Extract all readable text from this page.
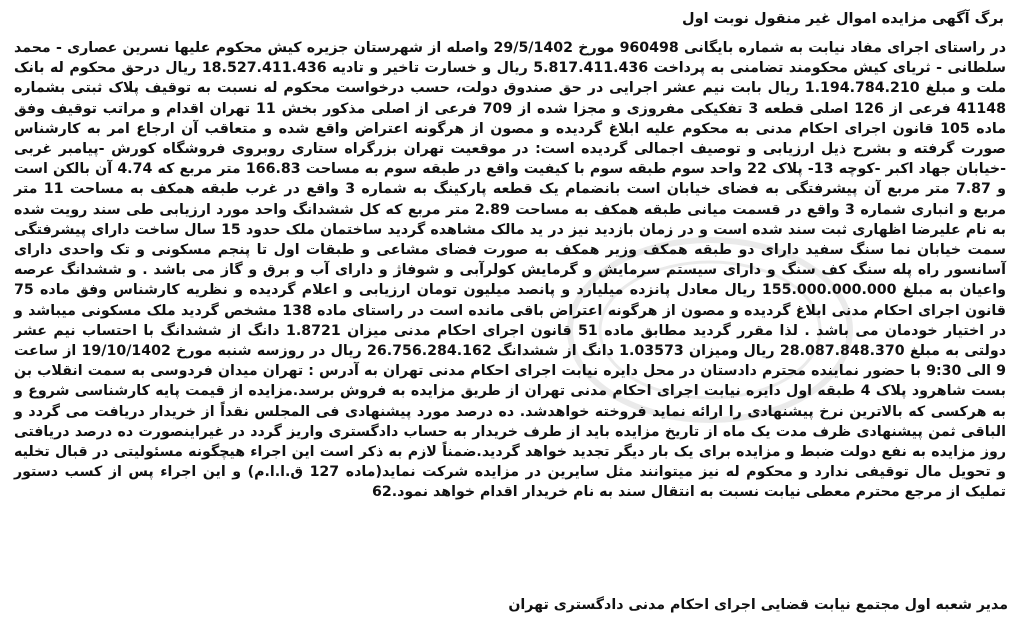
برگ آگهی مزایده اموال غیر منقول نوبت اول

در راستای اجرای مفاد نیابت به شماره بایگانی 960498 مورخ 29/5/1402 واصله از شهرستان جزیره کیش محکوم علیها نسرین عصاری - محمد سلطانی - ثریای کیش محکومند تضامنی به پرداخت 5.817.411.436 ریال و خسارت تاخیر و تادیه 18.527.411.436 ریال درحق محکوم له بانک ملت و مبلغ 1.194.784.210 ریال بابت نیم عشر اجرایی در حق صندوق دولت، حسب درخواست محکوم له نسبت به توقیف پلاک ثبتی بشماره 41148 فرعی از 126 اصلی قطعه 3 تفکیکی مفروزی و مجزا شده از 709 فرعی از اصلی مذکور بخش 11 تهران اقدام و مراتب توقیف وفق ماده 105 قانون اجرای احکام مدنی به محکوم علیه ابلاغ گردیده و مصون از هرگونه اعتراض واقع شده و متعاقب آن ارجاع امر به کارشناس صورت گرفته و بشرح ذیل ارزیابی و توصیف اجمالی گردیده است: در موقعیت تهران بزرگراه ستاری روبروی فروشگاه کورش -پیامبر غربی -خیابان جهاد اکبر -کوچه 13- پلاک 22 واحد سوم طبقه سوم با کیفیت واقع در طبقه سوم به مساحت 166.83 متر مربع که 4.74 آن بالکن است و 7.87 متر مربع آن پیشرفتگی به فضای خیابان است بانضمام یک قطعه پارکینگ به شماره 3 واقع در غرب طبقه همکف به مساحت 11 متر مربع و انباری شماره 3 واقع در قسمت میانی طبقه همکف به مساحت 2.89 متر مربع که کل ششدانگ واحد مورد ارزیابی طی سند رویت شده به نام علیرضا اظهاری ثبت سند شده است و در زمان بازدید نیز در ید مالک مشاهده گردید ساختمان ملک حدود 15 سال ساخت دارای پیشرفتگی سمت خیابان نما سنگ سفید دارای دو طبقه همکف وزیر همکف به صورت فضای مشاعی و طبقات اول تا پنجم مسکونی و تک واحدی دارای آسانسور راه پله سنگ کف سنگ و دارای سیستم سرمایش و گرمایش کولرآبی و شوفاژ و دارای آب و برق و گاز می باشد . و ششدانگ عرصه واعیان به مبلغ 155.000.000.000 ریال معادل پانزده میلیارد و پانصد میلیون تومان ارزیابی و اعلام گردیده و نظریه کارشناس وفق ماده 75 قانون اجرای احکام مدنی ابلاغ گردیده و مصون از هرگونه اعتراض باقی مانده است در راستای ماده 138 مشخص گردید ملک مسکونی میباشد و در اختیار خودمان می باشد . لذا مقرر گردید مطابق ماده 51 قانون اجرای احکام مدنی میزان 1.8721 دانگ از ششدانگ با احتساب نیم عشر دولتی به مبلغ 28.087.848.370 ریال ومیزان 1.03573 دانگ از ششدانگ 26.756.284.162 ریال در روزسه شنبه مورخ 19/10/1402 از ساعت 9 الی 9:30 با حضور نماینده محترم دادستان در محل دایره نیابت اجرای احکام مدنی تهران به آدرس : تهران میدان فردوسی به سمت انقلاب بن بست شاهرود پلاک 4 طبقه اول دایره نیابت اجرای احکام مدنی تهران از طریق مزایده به فروش برسد.مزایده از قیمت پایه کارشناسی شروع و به هرکسی که بالاترین نرخ پیشنهادی را ارائه نماید فروخته خواهدشد. ده درصد مورد پیشنهادی فی المجلس نقداً از خریدار دریافت می گردد و الباقی ثمن پیشنهادی ظرف مدت یک ماه از تاریخ مزایده باید از طرف خریدار به حساب دادگستری واریز گردد در غیراینصورت ده درصد دریافتی روز مزایده به نفع دولت ضبط و مزایده برای یک بار دیگر تجدید خواهد گردید.ضمناً لازم به ذکر است این اجراء هیچگونه مسئولیتی در قبال تخلیه و تحویل مال توقیفی ندارد و محکوم له نیز میتوانند مثل سایرین در مزایده شرکت نماید(ماده 127 ق.ا.ا.م) و این اجراء پس از کسب دستور تملیک از مرجع محترم معطی نیابت نسبت به انتقال سند به نام خریدار اقدام خواهد نمود.62

مدیر شعبه اول مجتمع نیابت قضایی اجرای احکام مدنی دادگستری تهران
